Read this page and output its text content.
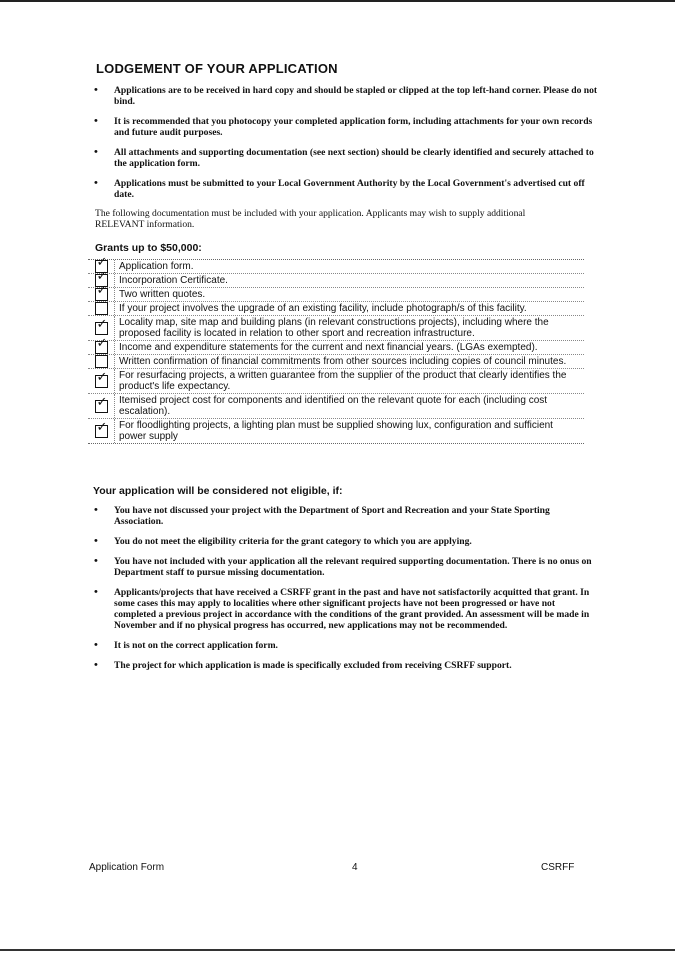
LODGEMENT OF YOUR APPLICATION
• Applications are to be received in hard copy and should be stapled or clipped at the top left-hand corner. Please do not bind.
• It is recommended that you photocopy your completed application form, including attachments for your own records and future audit purposes.
• All attachments and supporting documentation (see next section) should be clearly identified and securely attached to the application form.
• Applications must be submitted to your Local Government Authority by the Local Government's advertised cut off date.
The following documentation must be included with your application. Applicants may wish to supply additional RELEVANT information.
Grants up to $50,000:
✓
Application form.
✓
Incorporation Certificate.
✓
Two written quotes.
If your project involves the upgrade of an existing facility, include photograph/s of this facility.
✓
Locality map, site map and building plans (in relevant constructions projects), including where the proposed facility is located in relation to other sport and recreation infrastructure.
✓
Income and expenditure statements for the current and next financial years. (LGAs exempted).
Written confirmation of financial commitments from other sources including copies of council minutes.
✓
For resurfacing projects, a written guarantee from the supplier of the product that clearly identifies the product's life expectancy.
✓
Itemised project cost for components and identified on the relevant quote for each (including cost escalation).
✓
For floodlighting projects, a lighting plan must be supplied showing lux, configuration and sufficient power supply
Your application will be considered not eligible, if:
• You have not discussed your project with the Department of Sport and Recreation and your State Sporting Association.
• You do not meet the eligibility criteria for the grant category to which you are applying.
• You have not included with your application all the relevant required supporting documentation. There is no onus on Department staff to pursue missing documentation.
• Applicants/projects that have received a CSRFF grant in the past and have not satisfactorily acquitted that grant. In some cases this may apply to localities where other significant projects have not been progressed or have not completed a previous project in accordance with the conditions of the grant provided. An assessment will be made in November and if no physical progress has occurred, new applications may not be recommended.
• It is not on the correct application form.
• The project for which application is made is specifically excluded from receiving CSRFF support.
Application Form	4	CSRFF
